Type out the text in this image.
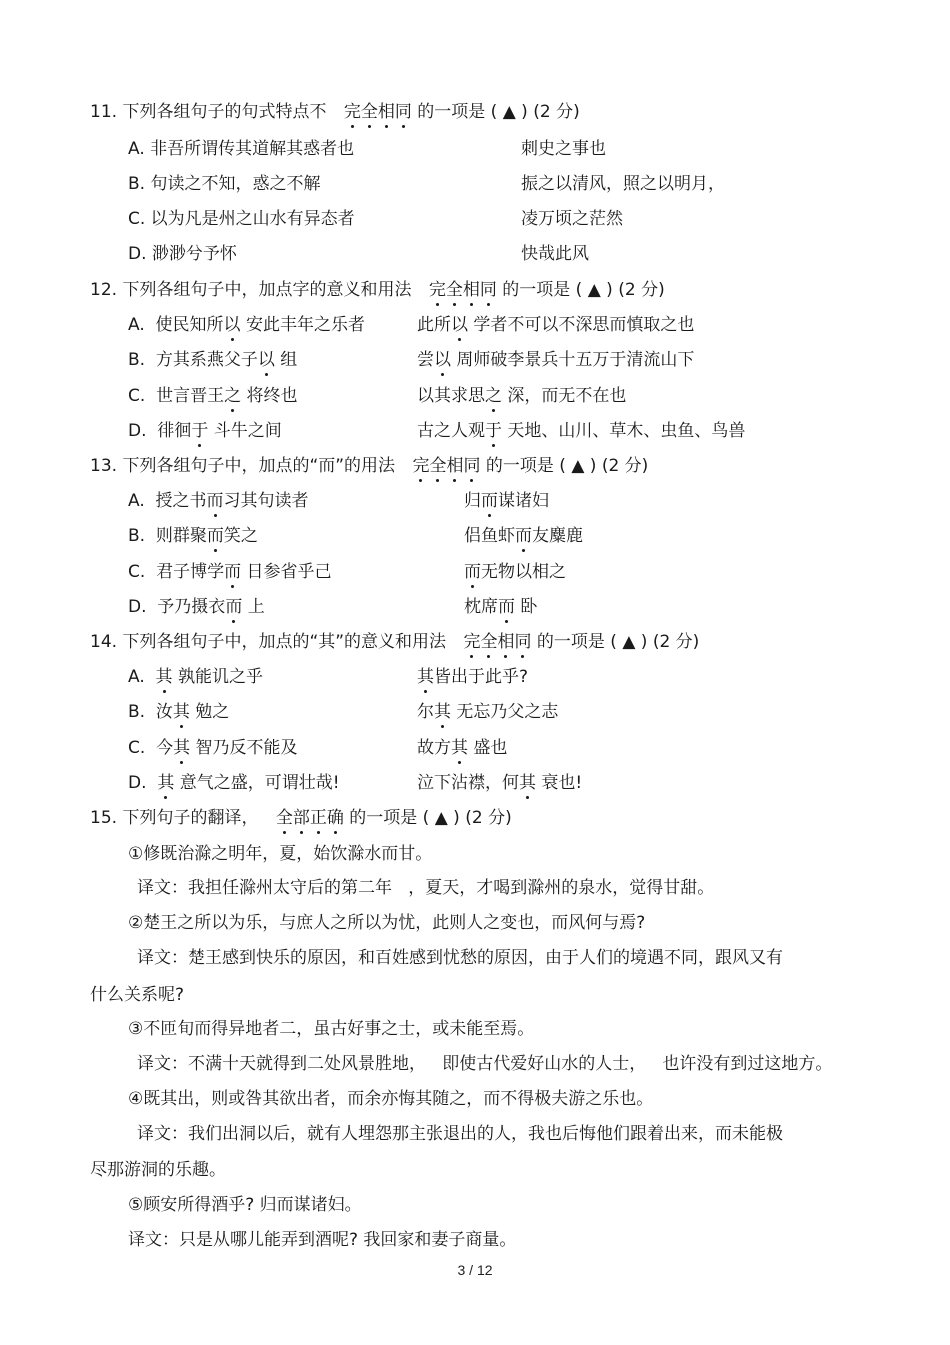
11. 下列各组句子的句式特点不 完全相同 的一项是 ( ▲ ) (2 分)
A. 非吾所谓传其道解其惑者也	刺史之事也
B. 句读之不知，惑之不解	振之以清风，照之以明月，
C. 以为凡是州之山水有异态者	凌万顷之茫然
D. 渺渺兮予怀	快哉此风
12. 下列各组句子中，加点字的意义和用法 完全相同 的一项是 ( ▲ ) (2 分)
A.  使民知所以 安此丰年之乐者	此所以 学者不可以不深思而慎取之也
B.  方其系燕父子以 组	尝以 周师破李景兵十五万于清流山下
C.  世言晋王之 将终也	以其求思之 深，而无不在也
D.  徘徊于 斗牛之间	古之人观于 天地、山川、草木、虫鱼、鸟兽
13. 下列各组句子中，加点的“而”的用法 完全相同 的一项是 ( ▲ ) (2 分)
A.  授之书而习其句读者	归而谋诸妇
B.  则群聚而笑之	侣鱼虾而友麋鹿
C.  君子博学而 日参省乎己	而无物以相之
D.  予乃摄衣而 上	枕席而 卧
14. 下列各组句子中，加点的“其”的意义和用法 完全相同 的一项是 ( ▲ ) (2 分)
A.  其 孰能讥之乎	其皆出于此乎?
B.  汝其 勉之	尔其 无忘乃父之志
C.  今其 智乃反不能及	故方其 盛也
D.  其 意气之盛，可谓壮哉!	泣下沾襟，何其 衰也!
15. 下列句子的翻译， 全部正确 的一项是 ( ▲ ) (2 分)
①修既治滁之明年，夏，始饮滁水而甘。
译文：我担任滁州太守后的第二年   ，夏天，才喝到滁州的泉水，觉得甘甜。
②楚王之所以为乐，与庶人之所以为忧，此则人之变也，而风何与焉?
译文：楚王感到快乐的原因，和百姓感到忧愁的原因，由于人们的境遇不同，跟风又有
什么关系呢?
③不匝旬而得异地者二，虽古好事之士，或未能至焉。
译文：不满十天就得到二处风景胜地，   即使古代爱好山水的人士，   也许没有到过这地方。
④既其出，则或咎其欲出者，而余亦悔其随之，而不得极夫游之乐也。
译文：我们出洞以后，就有人埋怨那主张退出的人，我也后悔他们跟着出来，而未能极
尽那游洞的乐趣。
⑤顾安所得酒乎? 归而谋诸妇。
译文：只是从哪儿能弄到酒呢? 我回家和妻子商量。
3 / 12
